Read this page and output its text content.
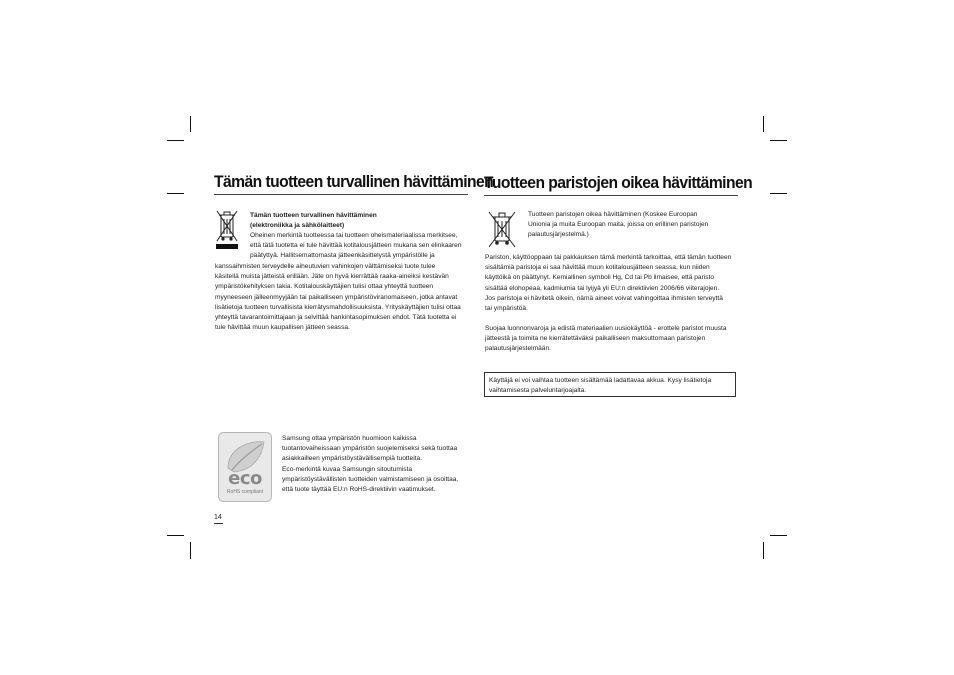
Tämän tuotteen turvallinen hävittäminen

Tämän tuotteen turvallinen hävittäminen

(elektroniikka ja sähkölaitteet)

Oheinen merkintä tuotteessa tai tuotteen oheismateriaalissa merkitsee,

että tätä tuotetta ei tule hävittää kotitalousjätteen mukana sen elinkaaren

päätyttyä. Hallitsemattomasta jätteenkäsittelystä ympäristölle ja

kanssaihmisten terveydelle aiheutuvien vahinkojen välttämiseksi tuote tulee

käsitellä muista jätteistä erillään. Jäte on hyvä kierrättää raaka-aineiksi kestävän

ympäristökehityksen takia. Kotitalouskäyttäjien tulisi ottaa yhteyttä tuotteen

myyneeseen jälleenmyyjään tai paikalliseen ympäristöviranomaiseen, jotka antavat

lisätietoja tuotteen turvallisista kierrätysmahdollisuuksista. Yrityskäyttäjien tulisi ottaa

yhteyttä tavarantoimittajaan ja selvittää hankintasopimuksen ehdot. Tätä tuotetta ei

tule hävittää muun kaupallisen jätteen seassa.

Tuotteen paristojen oikea hävittäminen

Tuotteen paristojen oikea hävittäminen (Koskee Euroopan

Unionia ja muita Euroopan maita, joissa on erillinen paristojen

palautusjärjestelmä.)

Pariston, käyttöoppaan tai pakkauksen tämä merkintä tarkoittaa, että tämän tuotteen

sisältämiä paristoja ei saa hävittää muun kotitalousjätteen seassa, kun niiden

käyttöikä on päättynyt. Kemiallinen symboli Hg, Cd tai Pb ilmaisee, että paristo

sisältää elohopeaa, kadmiumia tai lyijyä yli EU:n direktiivien 2006/66 viiterajojen.

Jos paristoja ei hävitetä oikein, nämä aineet voivat vahingoittaa ihmisten terveyttä

tai ympäristöä.

Suojaa luonnonvaroja ja edistä materiaalien uusiokäyttöä - erottele paristot muusta

jätteestä ja toimita ne kierrätettäväksi paikalliseen maksuttomaan paristojen

palautusjärjestelmään.

Käyttäjä ei voi vaihtaa tuotteen sisältämää ladattavaa akkua. Kysy lisätietoja

vaihtamisesta palveluntarjoajalta.

eco
RoHS compliant

Samsung ottaa ympäristön huomioon kaikissa

tuotantovaiheissaan ympäristön suojelemiseksi sekä tuottaa

asiakkailleen ympäristöystävällisempiä tuotteita.

Eco-merkintä kuvaa Samsungin sitoutumista

ympäristöystävällisten tuotteiden valmistamiseen ja osoittaa,

että tuote täyttää EU:n RoHS-direktiivin vaatimukset.

14
